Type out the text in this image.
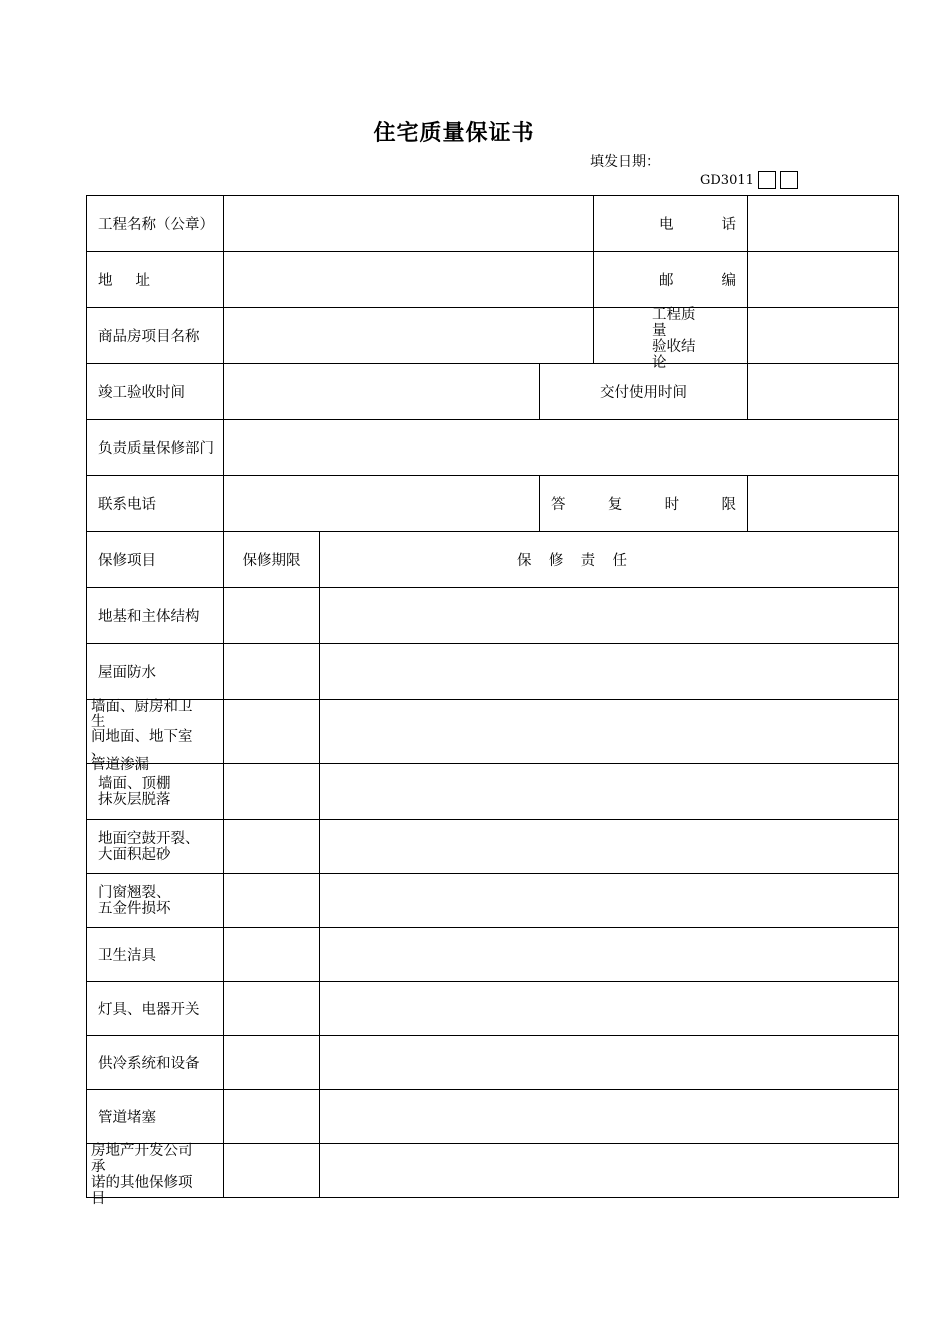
住宅质量保证书
填发日期：
GD3011
工程名称（公章）				电 话	

地 址				邮 编	

商品房项目名称				工程质
量
验收结
论	

竣工验收时间			交付使用时间		
负责质量保修部门					
联系电话			答 复 时 限		

保修项目	保修期限	保 修 责 任			

地基和主体结构					
屋面防水					

墙面、厨房和卫
生
间地面、地下室
、
管道渗漏					

墙面、顶棚
抹灰层脱落					

地面空鼓开裂、
大面积起砂					

门窗翘裂、
五金件损坏					

卫生洁具					
灯具、电器开关					
供冷系统和设备					
管道堵塞					

房地产开发公司
承
诺的其他保修项
目					
